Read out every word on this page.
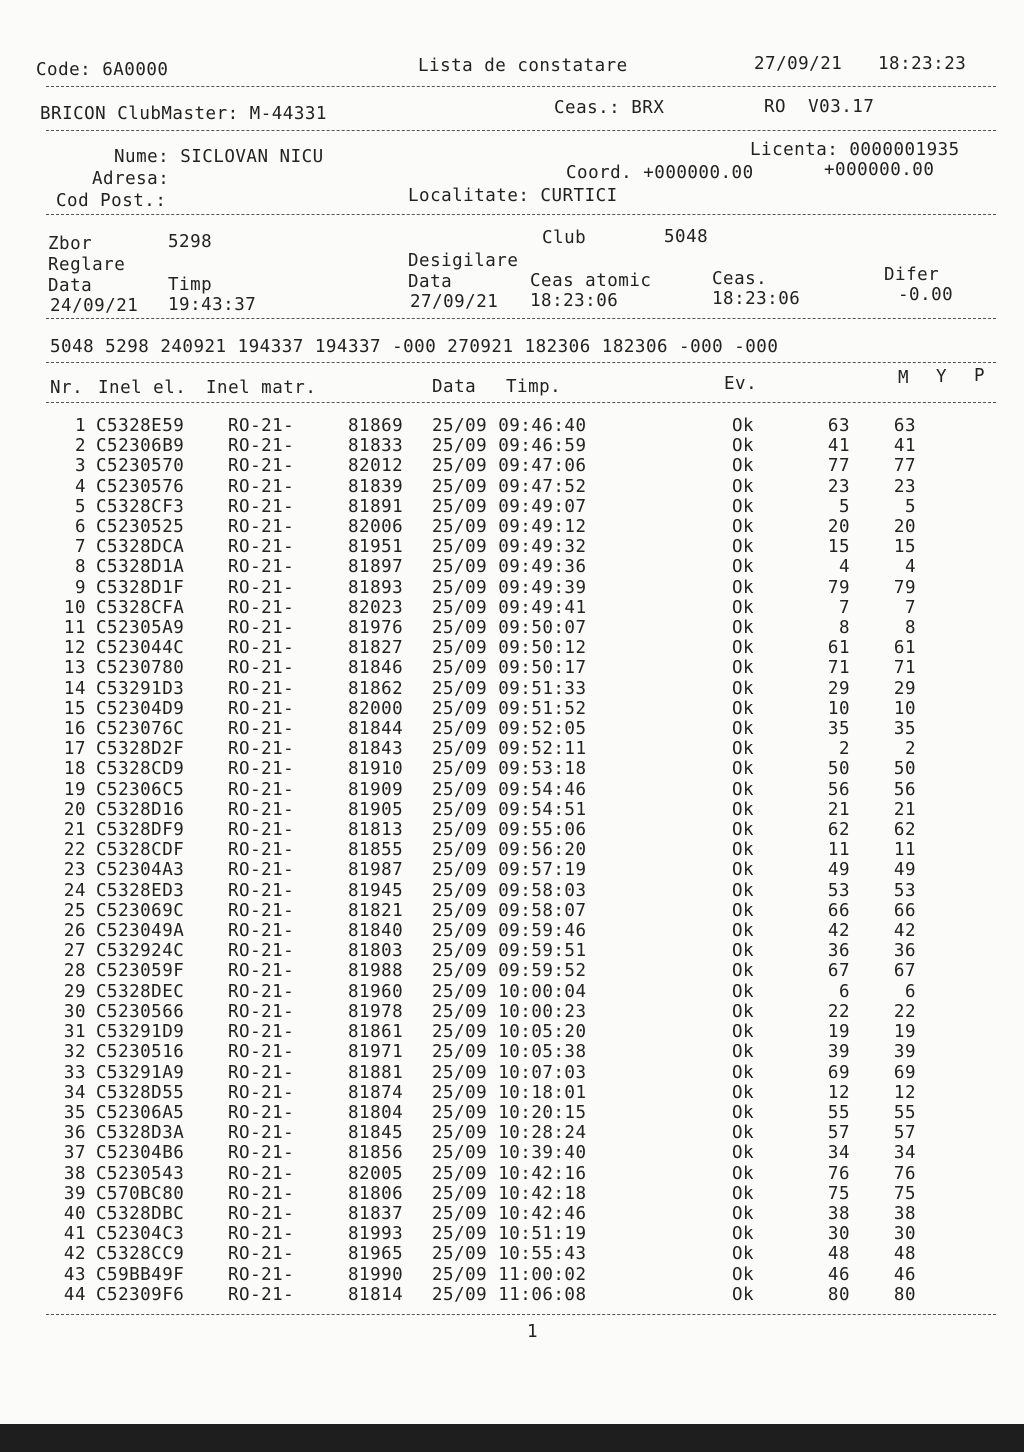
Code: 6A0000	Lista de constatare	27/09/21 18:23:23
BRICON ClubMaster: M-44331	Ceas.: BRX	RO  V03.17
Nume: SICLOVAN NICU	Licenta: 0000001935
Adresa:	Coord. +000000.00	+000000.00
Cod Post.:	Localitate: CURTICI
Zbor	5298	Club	5048
Reglare	Desigilare
Data	Timp	Data	Ceas atomic	Ceas.	Difer
24/09/21 19:43:37	27/09/21 18:23:06	18:23:06	-0.00
5048 5298 240921 194337 194337 -000 270921 182306 182306 -000 -000
Nr. Inel el. Inel matr.	Data Timp.	Ev.	M Y P
1	C5328E59	RO-21-	81869	25/09 09:46:40	Ok	63	63
2	C52306B9	RO-21-	81833	25/09 09:46:59	Ok	41	41
3	C5230570	RO-21-	82012	25/09 09:47:06	Ok	77	77
4	C5230576	RO-21-	81839	25/09 09:47:52	Ok	23	23
5	C5328CF3	RO-21-	81891	25/09 09:49:07	Ok	5	5
6	C5230525	RO-21-	82006	25/09 09:49:12	Ok	20	20
7	C5328DCA	RO-21-	81951	25/09 09:49:32	Ok	15	15
8	C5328D1A	RO-21-	81897	25/09 09:49:36	Ok	4	4
9	C5328D1F	RO-21-	81893	25/09 09:49:39	Ok	79	79
10	C5328CFA	RO-21-	82023	25/09 09:49:41	Ok	7	7
11	C52305A9	RO-21-	81976	25/09 09:50:07	Ok	8	8
12	C523044C	RO-21-	81827	25/09 09:50:12	Ok	61	61
13	C5230780	RO-21-	81846	25/09 09:50:17	Ok	71	71
14	C53291D3	RO-21-	81862	25/09 09:51:33	Ok	29	29
15	C52304D9	RO-21-	82000	25/09 09:51:52	Ok	10	10
16	C523076C	RO-21-	81844	25/09 09:52:05	Ok	35	35
17	C5328D2F	RO-21-	81843	25/09 09:52:11	Ok	2	2
18	C5328CD9	RO-21-	81910	25/09 09:53:18	Ok	50	50
19	C52306C5	RO-21-	81909	25/09 09:54:46	Ok	56	56
20	C5328D16	RO-21-	81905	25/09 09:54:51	Ok	21	21
21	C5328DF9	RO-21-	81813	25/09 09:55:06	Ok	62	62
22	C5328CDF	RO-21-	81855	25/09 09:56:20	Ok	11	11
23	C52304A3	RO-21-	81987	25/09 09:57:19	Ok	49	49
24	C5328ED3	RO-21-	81945	25/09 09:58:03	Ok	53	53
25	C523069C	RO-21-	81821	25/09 09:58:07	Ok	66	66
26	C523049A	RO-21-	81840	25/09 09:59:46	Ok	42	42
27	C532924C	RO-21-	81803	25/09 09:59:51	Ok	36	36
28	C523059F	RO-21-	81988	25/09 09:59:52	Ok	67	67
29	C5328DEC	RO-21-	81960	25/09 10:00:04	Ok	6	6
30	C5230566	RO-21-	81978	25/09 10:00:23	Ok	22	22
31	C53291D9	RO-21-	81861	25/09 10:05:20	Ok	19	19
32	C5230516	RO-21-	81971	25/09 10:05:38	Ok	39	39
33	C53291A9	RO-21-	81881	25/09 10:07:03	Ok	69	69
34	C5328D55	RO-21-	81874	25/09 10:18:01	Ok	12	12
35	C52306A5	RO-21-	81804	25/09 10:20:15	Ok	55	55
36	C5328D3A	RO-21-	81845	25/09 10:28:24	Ok	57	57
37	C52304B6	RO-21-	81856	25/09 10:39:40	Ok	34	34
38	C5230543	RO-21-	82005	25/09 10:42:16	Ok	76	76
39	C570BC80	RO-21-	81806	25/09 10:42:18	Ok	75	75
40	C5328DBC	RO-21-	81837	25/09 10:42:46	Ok	38	38
41	C52304C3	RO-21-	81993	25/09 10:51:19	Ok	30	30
42	C5328CC9	RO-21-	81965	25/09 10:55:43	Ok	48	48
43	C59BB49F	RO-21-	81990	25/09 11:00:02	Ok	46	46
44	C52309F6	RO-21-	81814	25/09 11:06:08	Ok	80	80
1
